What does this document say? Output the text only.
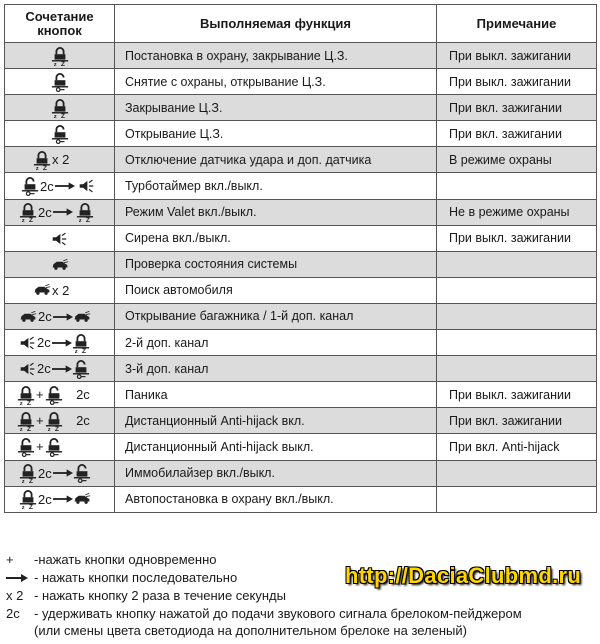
Сочетание
кнопок	Выполняемая функция	Примечание
	Постановка в охрану, закрывание Ц.З.	При выкл. зажигании
	Снятие с охраны, открывание Ц.З.	При выкл. зажигании
	Закрывание Ц.З.	При вкл. зажигании
	Открывание Ц.З.	При вкл. зажигании
x 2	Отключение датчика удара и доп. датчика	В режиме охраны
2с	Турботаймер вкл./выкл.	
2с	Режим Valet вкл./выкл.	Не в режиме охраны
	Сирена вкл./выкл.	При выкл. зажигании
	Проверка состояния системы	
x 2	Поиск автомобиля	
2с	Открывание багажника / 1-й доп. канал	
2с	2-й доп. канал	
2с	3-й доп. канал	
+ 2с	Паника	При выкл. зажигании
+ 2с	Дистанционный Anti-hijack вкл.	При вкл. зажигании
+	Дистанционный Anti-hijack выкл.	При вкл. Anti-hijack
2с	Иммобилайзер вкл./выкл.	
2с	Автопостановка в охрану вкл./выкл.	
+ -нажать кнопки одновременно
- нажать кнопки последовательно
x 2 - нажать кнопку 2 раза в течение секунды
2с - удерживать кнопку нажатой до подачи звукового сигнала брелоком-пейджером
(или смены цвета светодиода на дополнительном брелоке на зеленый)
http://DaciaClubmd.ru
